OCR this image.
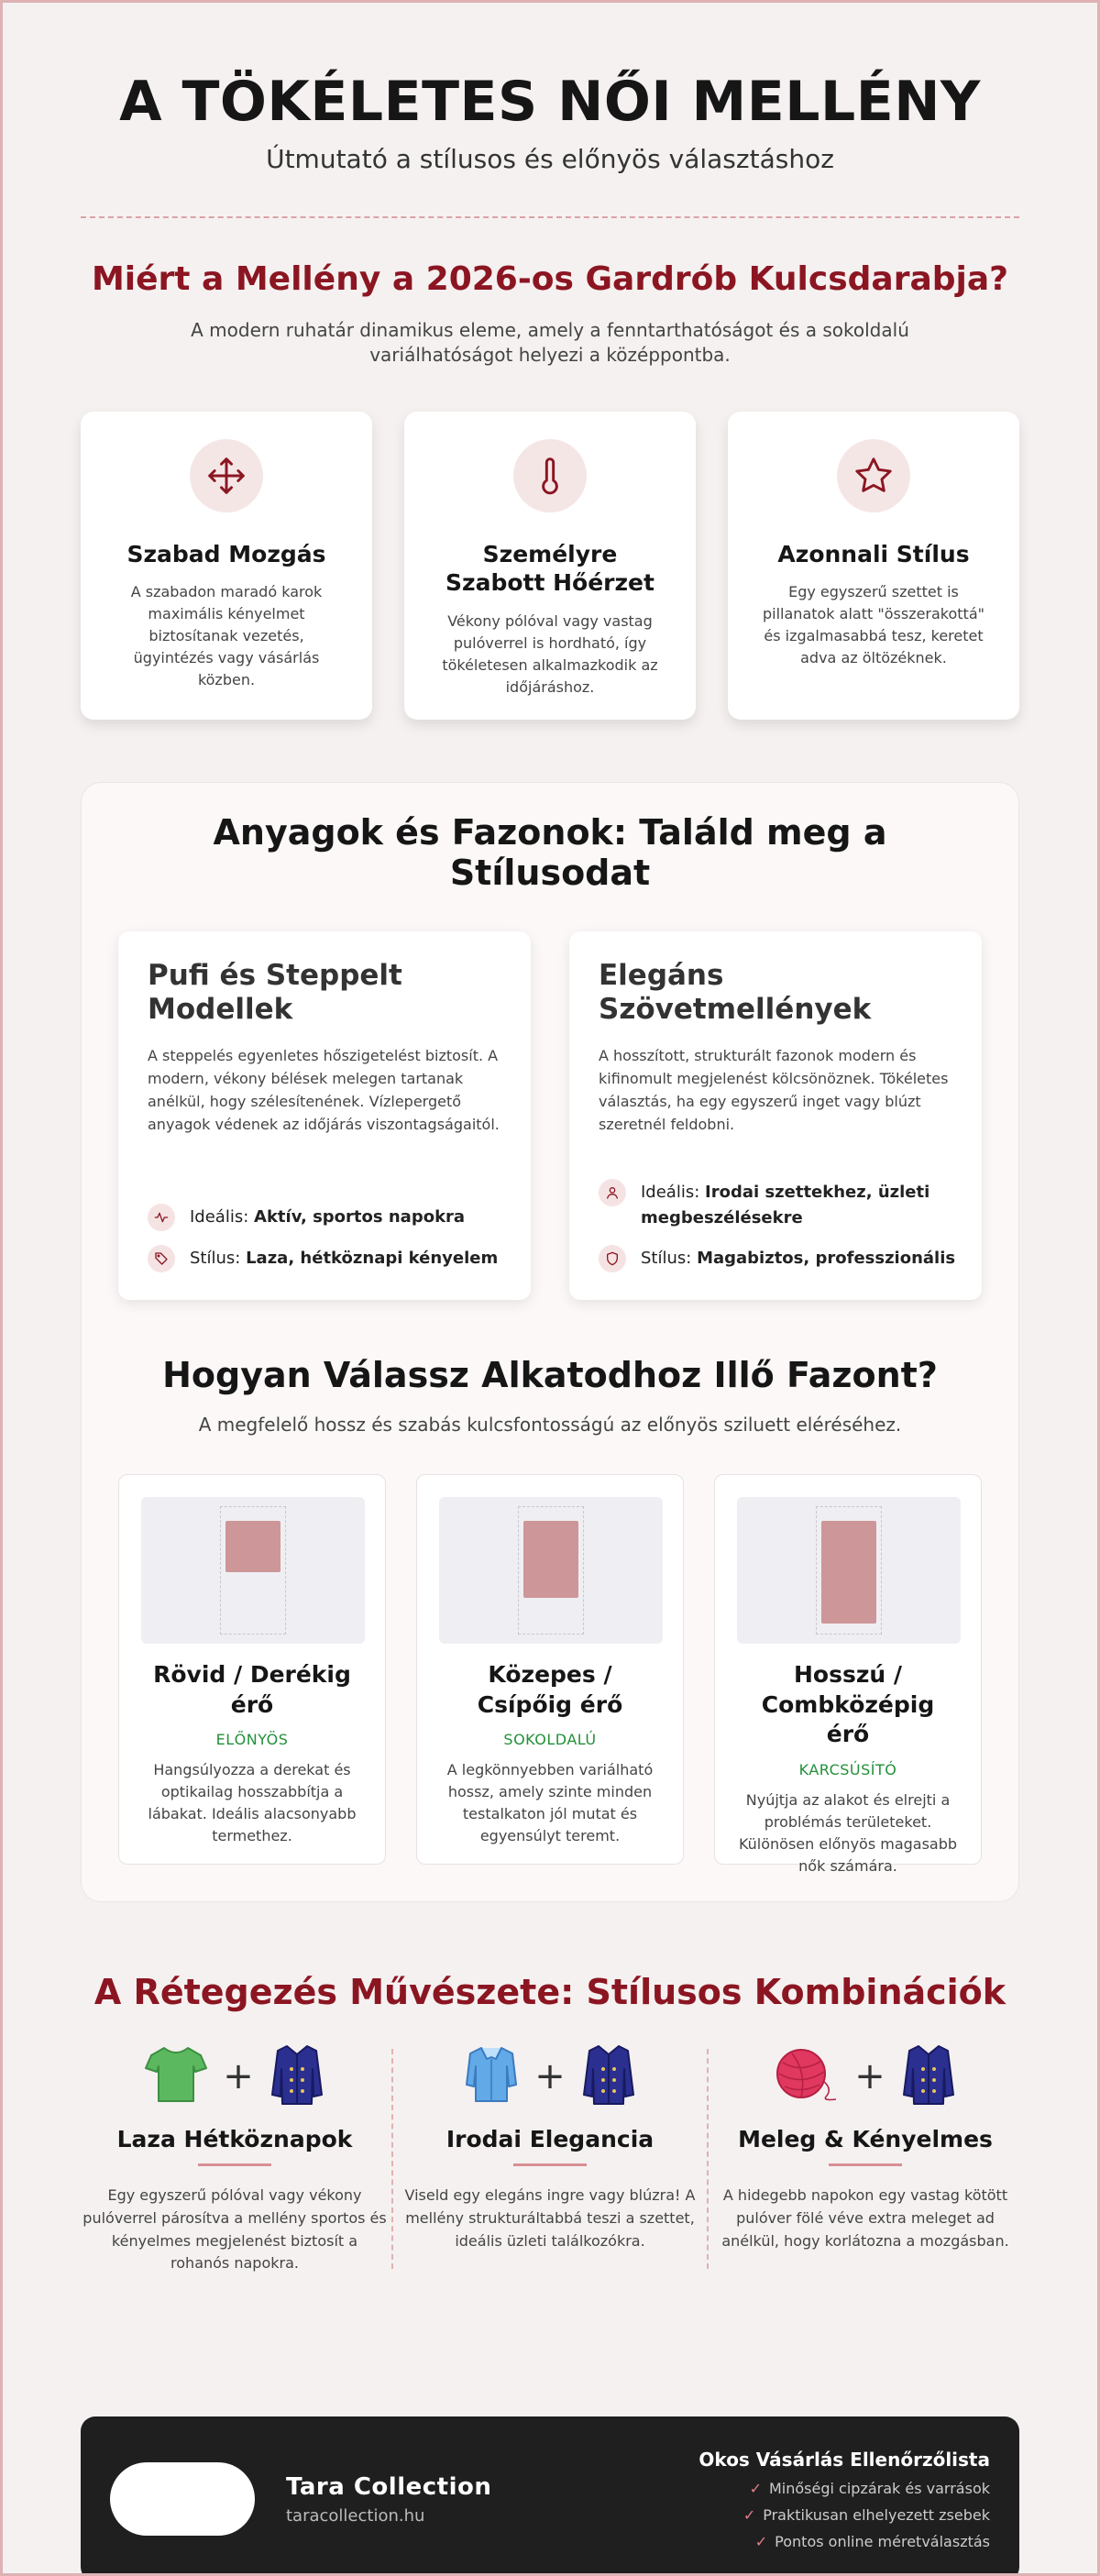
A TÖKÉLETES NŐI MELLÉNY
Útmutató a stílusos és előnyös választáshoz
Miért a Mellény a 2026-os Gardrób Kulcsdarabja?
A modern ruhatár dinamikus eleme, amely a fenntarthatóságot és a sokoldalú variálhatóságot helyezi a középpontba.
Szabad Mozgás

A szabadon maradó karok maximális kényelmet biztosítanak vezetés, ügyintézés vagy vásárlás közben.

Személyre Szabott Hőérzet

Vékony pólóval vagy vastag pulóverrel is hordható, így tökéletesen alkalmazkodik az időjáráshoz.

Azonnali Stílus

Egy egyszerű szettet is pillanatok alatt "összerakottá" és izgalmasabbá tesz, keretet adva az öltözéknek.

Anyagok és Fazonok: Találd meg a Stílusodat
Pufi és Steppelt Modellek

A steppelés egyenletes hőszigetelést biztosít. A modern, vékony bélések melegen tartanak anélkül, hogy szélesítenének. Vízlepergető anyagok védenek az időjárás viszontagságaitól.

Ideális: Aktív, sportos napokra
Stílus: Laza, hétköznapi kényelem
Elegáns Szövetmellények

A hosszított, strukturált fazonok modern és kifinomult megjelenést kölcsönöznek. Tökéletes választás, ha egy egyszerű inget vagy blúzt szeretnél feldobni.

Ideális: Irodai szettekhez, üzleti megbeszélésekre
Stílus: Magabiztos, professzionális
Hogyan Válassz Alkatodhoz Illő Fazont?
A megfelelő hossz és szabás kulcsfontosságú az előnyös sziluett eléréséhez.
Rövid / Derékig érő
ELŐNYÖS

Hangsúlyozza a derekat és optikailag hosszabbítja a lábakat. Ideális alacsonyabb termethez.

Közepes / Csípőig érő
SOKOLDALÚ

A legkönnyebben variálható hossz, amely szinte minden testalkaton jól mutat és egyensúlyt teremt.

Hosszú / Combközépig érő
KARCSÚSÍTÓ

Nyújtja az alakot és elrejti a problémás területeket. Különösen előnyös magasabb nők számára.

A Rétegezés Művészete: Stílusos Kombinációk
+
Laza Hétköznapok

Egy egyszerű pólóval vagy vékony pulóverrel párosítva a mellény sportos és kényelmes megjelenést biztosít a rohanós napokra.

+
Irodai Elegancia

Viseld egy elegáns ingre vagy blúzra! A mellény strukturáltabbá teszi a szettet, ideális üzleti találkozókra.

+
Meleg & Kényelmes

A hidegebb napokon egy vastag kötött pulóver fölé véve extra meleget ad anélkül, hogy korlátozna a mozgásban.

Tara Collection
taracollection.hu
Okos Vásárlás Ellenőrzőlista
✓ Minőségi cipzárak és varrások
✓ Praktikusan elhelyezett zsebek
✓ Pontos online méretválasztás
